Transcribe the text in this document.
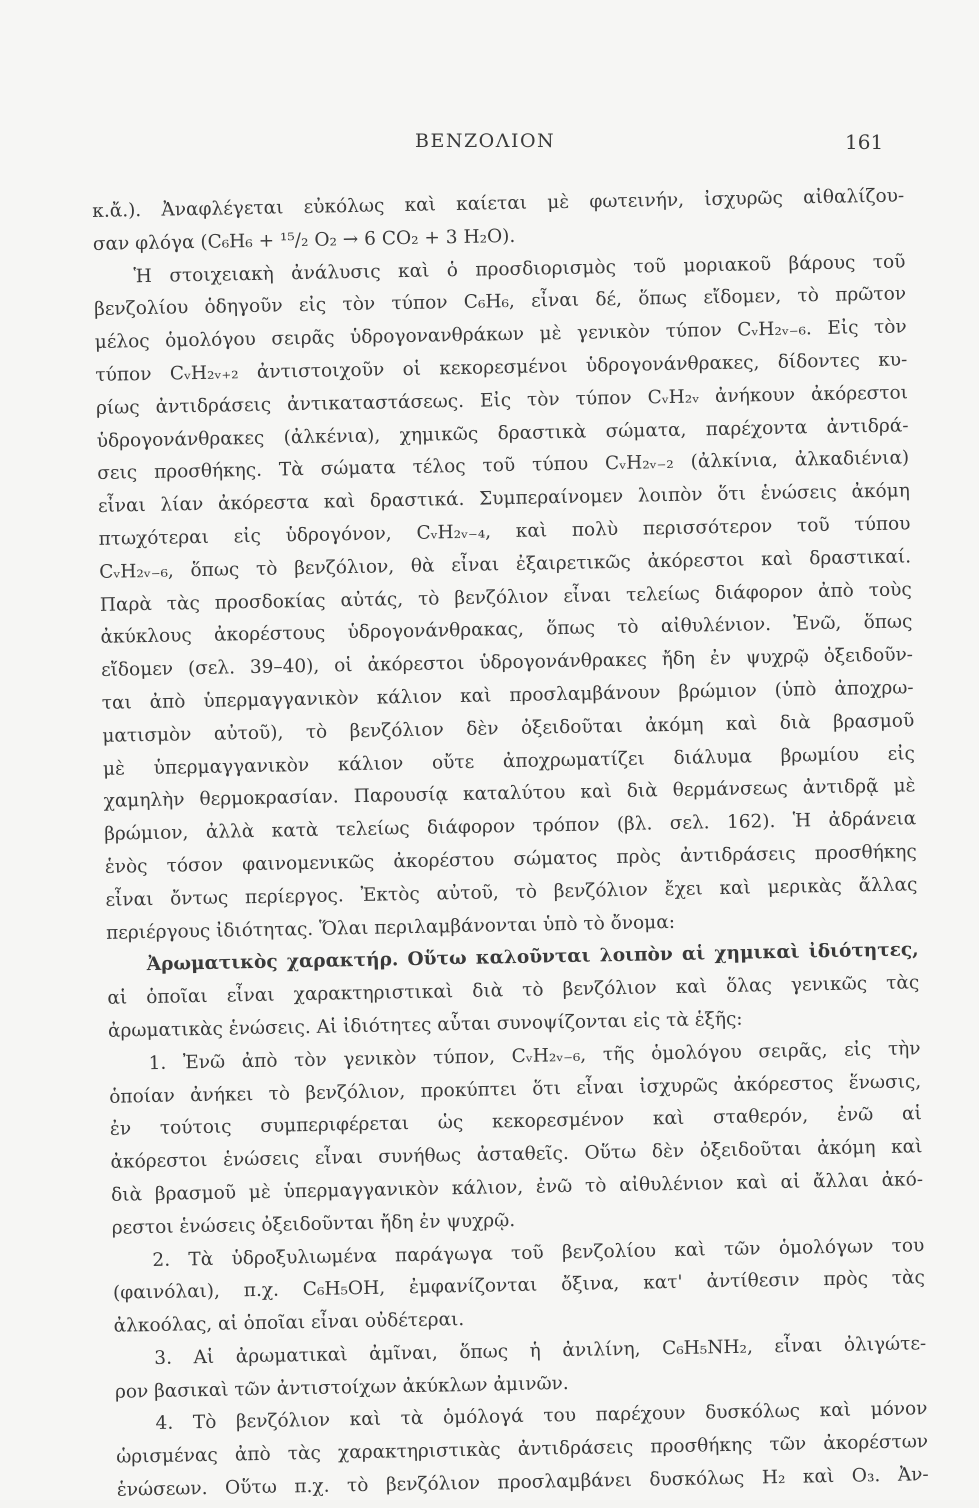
ΒΕΝΖΟΛΙΟΝ	161
κ.ἄ.). Ἀναφλέγεται εὐκόλως καὶ καίεται μὲ φωτεινήν, ἰσχυρῶς αἰθαλίζου-
σαν φλόγα (C₆H₆ + ¹⁵/₂ O₂ → 6 CO₂ + 3 H₂O).
Ἡ στοιχειακὴ ἀνάλυσις καὶ ὁ προσδιορισμὸς τοῦ μοριακοῦ βάρους τοῦ
βενζολίου ὁδηγοῦν εἰς τὸν τύπον C₆H₆, εἶναι δέ, ὅπως εἴδομεν, τὸ πρῶτον
μέλος ὁμολόγου σειρᾶς ὑδρογονανθράκων μὲ γενικὸν τύπον CᵥH₂ᵥ₋₆. Εἰς τὸν
τύπον CᵥH₂ᵥ₊₂ ἀντιστοιχοῦν οἱ κεκορεσμένοι ὑδρογονάνθρακες, δίδοντες κυ-
ρίως ἀντιδράσεις ἀντικαταστάσεως. Εἰς τὸν τύπον CᵥH₂ᵥ ἀνήκουν ἀκόρεστοι
ὑδρογονάνθρακες (ἀλκένια), χημικῶς δραστικὰ σώματα, παρέχοντα ἀντιδρά-
σεις προσθήκης. Τὰ σώματα τέλος τοῦ τύπου CᵥH₂ᵥ₋₂ (ἀλκίνια, ἀλκαδιένια)
εἶναι λίαν ἀκόρεστα καὶ δραστικά. Συμπεραίνομεν λοιπὸν ὅτι ἑνώσεις ἀκόμη
πτωχότεραι εἰς ὑδρογόνον, CᵥH₂ᵥ₋₄, καὶ πολὺ περισσότερον τοῦ τύπου
CᵥH₂ᵥ₋₆, ὅπως τὸ βενζόλιον, θὰ εἶναι ἐξαιρετικῶς ἀκόρεστοι καὶ δραστικαί.
Παρὰ τὰς προσδοκίας αὐτάς, τὸ βενζόλιον εἶναι τελείως διάφορον ἀπὸ τοὺς
ἀκύκλους ἀκορέστους ὑδρογονάνθρακας, ὅπως τὸ αἰθυλένιον. Ἐνῶ, ὅπως
εἴδομεν (σελ. 39–40), οἱ ἀκόρεστοι ὑδρογονάνθρακες ἤδη ἐν ψυχρῷ ὀξειδοῦν-
ται ἀπὸ ὑπερμαγγανικὸν κάλιον καὶ προσλαμβάνουν βρώμιον (ὑπὸ ἀποχρω-
ματισμὸν αὐτοῦ), τὸ βενζόλιον δὲν ὀξειδοῦται ἀκόμη καὶ διὰ βρασμοῦ
μὲ ὑπερμαγγανικὸν κάλιον οὔτε ἀποχρωματίζει διάλυμα βρωμίου εἰς
χαμηλὴν θερμοκρασίαν. Παρουσίᾳ καταλύτου καὶ διὰ θερμάνσεως ἀντιδρᾷ μὲ
βρώμιον, ἀλλὰ κατὰ τελείως διάφορον τρόπον (βλ. σελ. 162). Ἡ ἀδράνεια
ἑνὸς τόσον φαινομενικῶς ἀκορέστου σώματος πρὸς ἀντιδράσεις προσθήκης
εἶναι ὄντως περίεργος. Ἐκτὸς αὐτοῦ, τὸ βενζόλιον ἔχει καὶ μερικὰς ἄλλας
περιέργους ἰδιότητας. Ὅλαι περιλαμβάνονται ὑπὸ τὸ ὄνομα:
Ἀρωματικὸς χαρακτήρ. Οὕτω καλοῦνται λοιπὸν αἱ χημικαὶ ἰδιότητες,
αἱ ὁποῖαι εἶναι χαρακτηριστικαὶ διὰ τὸ βενζόλιον καὶ ὅλας γενικῶς τὰς
ἀρωματικὰς ἑνώσεις. Αἱ ἰδιότητες αὗται συνοψίζονται εἰς τὰ ἑξῆς:
1. Ἐνῶ ἀπὸ τὸν γενικὸν τύπον, CᵥH₂ᵥ₋₆, τῆς ὁμολόγου σειρᾶς, εἰς τὴν
ὁποίαν ἀνήκει τὸ βενζόλιον, προκύπτει ὅτι εἶναι ἰσχυρῶς ἀκόρεστος ἕνωσις,
ἐν τούτοις συμπεριφέρεται ὡς κεκορεσμένον καὶ σταθερόν, ἐνῶ αἱ
ἀκόρεστοι ἑνώσεις εἶναι συνήθως ἀσταθεῖς. Οὕτω δὲν ὀξειδοῦται ἀκόμη καὶ
διὰ βρασμοῦ μὲ ὑπερμαγγανικὸν κάλιον, ἐνῶ τὸ αἰθυλένιον καὶ αἱ ἄλλαι ἀκό-
ρεστοι ἑνώσεις ὀξειδοῦνται ἤδη ἐν ψυχρῷ.
2. Τὰ ὑδροξυλιωμένα παράγωγα τοῦ βενζολίου καὶ τῶν ὁμολόγων του
(φαινόλαι), π.χ. C₆H₅OH, ἐμφανίζονται ὄξινα, κατ' ἀντίθεσιν πρὸς τὰς
ἀλκοόλας, αἱ ὁποῖαι εἶναι οὐδέτεραι.
3. Αἱ ἀρωματικαὶ ἀμῖναι, ὅπως ἡ ἀνιλίνη, C₆H₅NH₂, εἶναι ὀλιγώτε-
ρον βασικαὶ τῶν ἀντιστοίχων ἀκύκλων ἀμινῶν.
4. Τὸ βενζόλιον καὶ τὰ ὁμόλογά του παρέχουν δυσκόλως καὶ μόνον
ὡρισμένας ἀπὸ τὰς χαρακτηριστικὰς ἀντιδράσεις προσθήκης τῶν ἀκορέστων
ἑνώσεων. Οὕτω π.χ. τὸ βενζόλιον προσλαμβάνει δυσκόλως H₂ καὶ O₃. Ἀν-
